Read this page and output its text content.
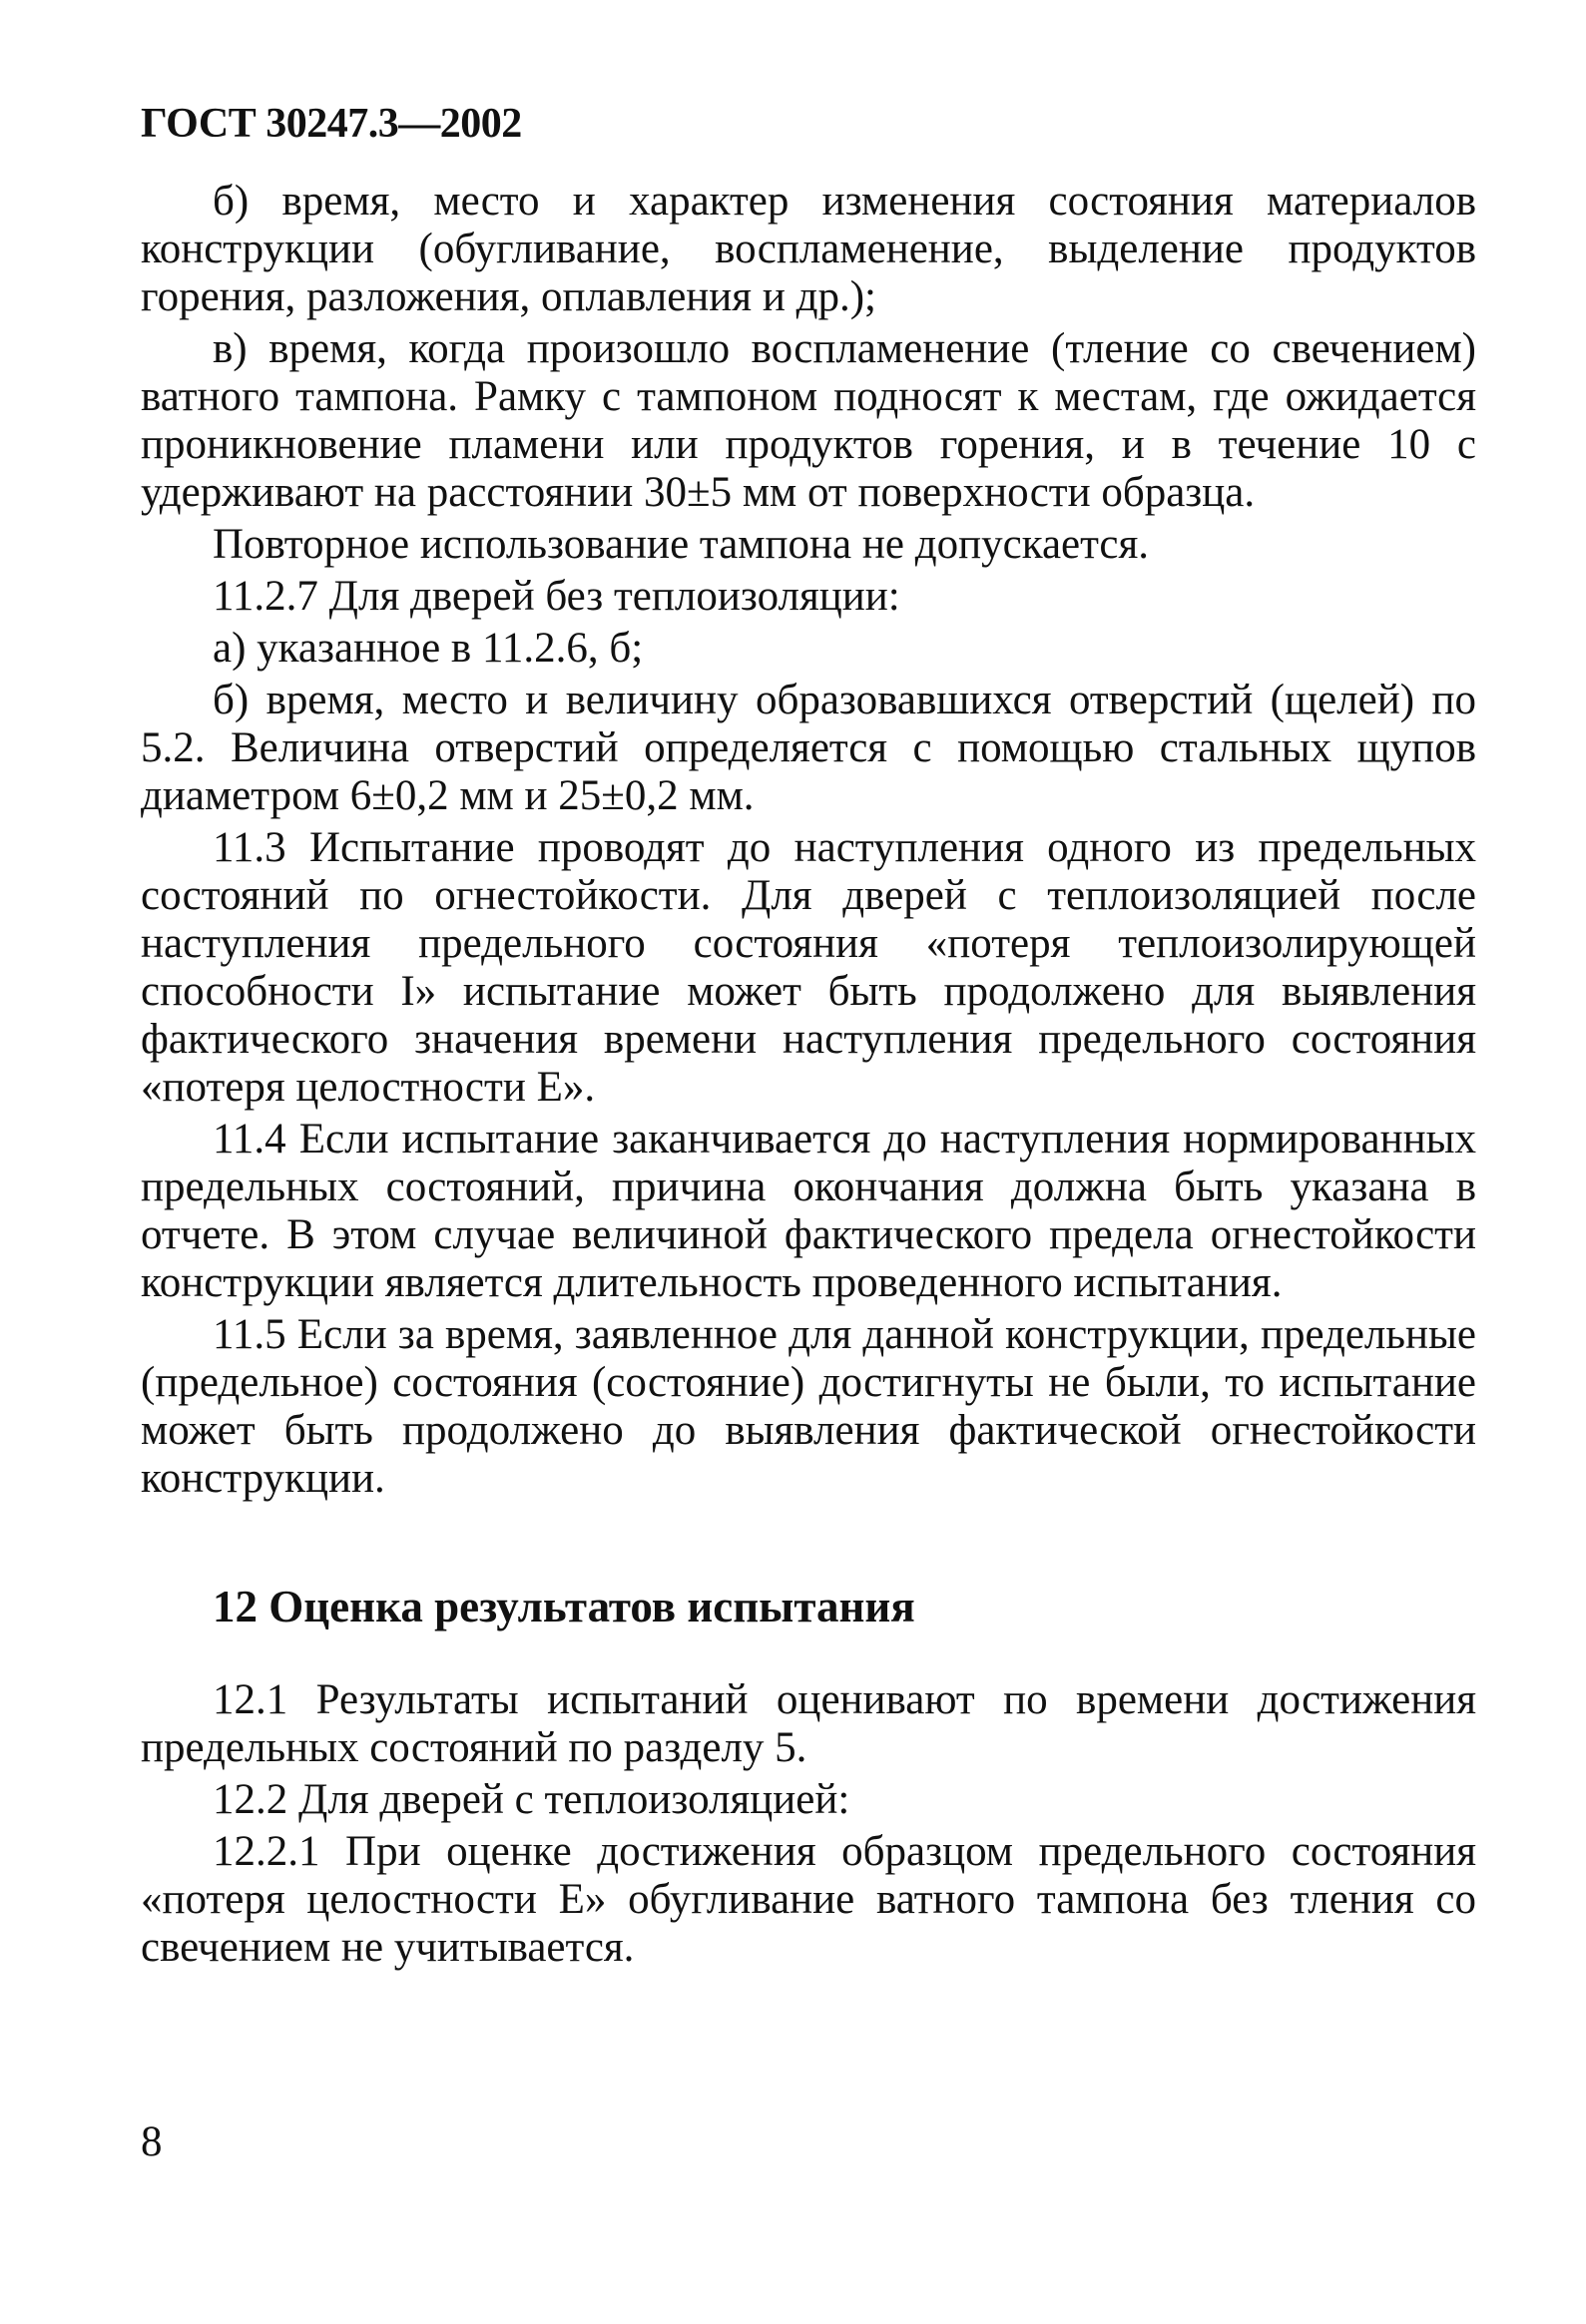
ГОСТ 30247.3—2002

б) время, место и характер изменения состояния материалов конструкции (обугливание, воспламенение, выделение продуктов горения, разложения, оплавления и др.);

в) время, когда произошло воспламенение (тление со свечением) ватного тампона. Рамку с тампоном подносят к местам, где ожидается проникновение пламени или продуктов горения, и в течение 10 с удерживают на расстоянии 30±5 мм от поверхности образца.

Повторное использование тампона не допускается.

11.2.7 Для дверей без теплоизоляции:

а) указанное в 11.2.6, б;

б) время, место и величину образовавшихся отверстий (щелей) по 5.2. Величина отверстий определяется с помощью стальных щупов диаметром 6±0,2 мм и 25±0,2 мм.

11.3 Испытание проводят до наступления одного из предельных состояний по огнестойкости. Для дверей с теплоизоляцией после наступления предельного состояния «потеря теплоизолирующей способности I» испытание может быть продолжено для выявления фактического значения времени наступления предельного состояния «потеря целостности E».

11.4 Если испытание заканчивается до наступления нормированных предельных состояний, причина окончания должна быть указана в отчете. В этом случае величиной фактического предела огнестойкости конструкции является длительность проведенного испытания.

11.5 Если за время, заявленное для данной конструкции, предельные (предельное) состояния (состояние) достигнуты не были, то испытание может быть продолжено до выявления фактической огнестойкости конструкции.

12 Оценка результатов испытания

12.1 Результаты испытаний оценивают по времени достижения предельных состояний по разделу 5.

12.2 Для дверей с теплоизоляцией:

12.2.1 При оценке достижения образцом предельного состояния «потеря целостности E» обугливание ватного тампона без тления со свечением не учитывается.

8
